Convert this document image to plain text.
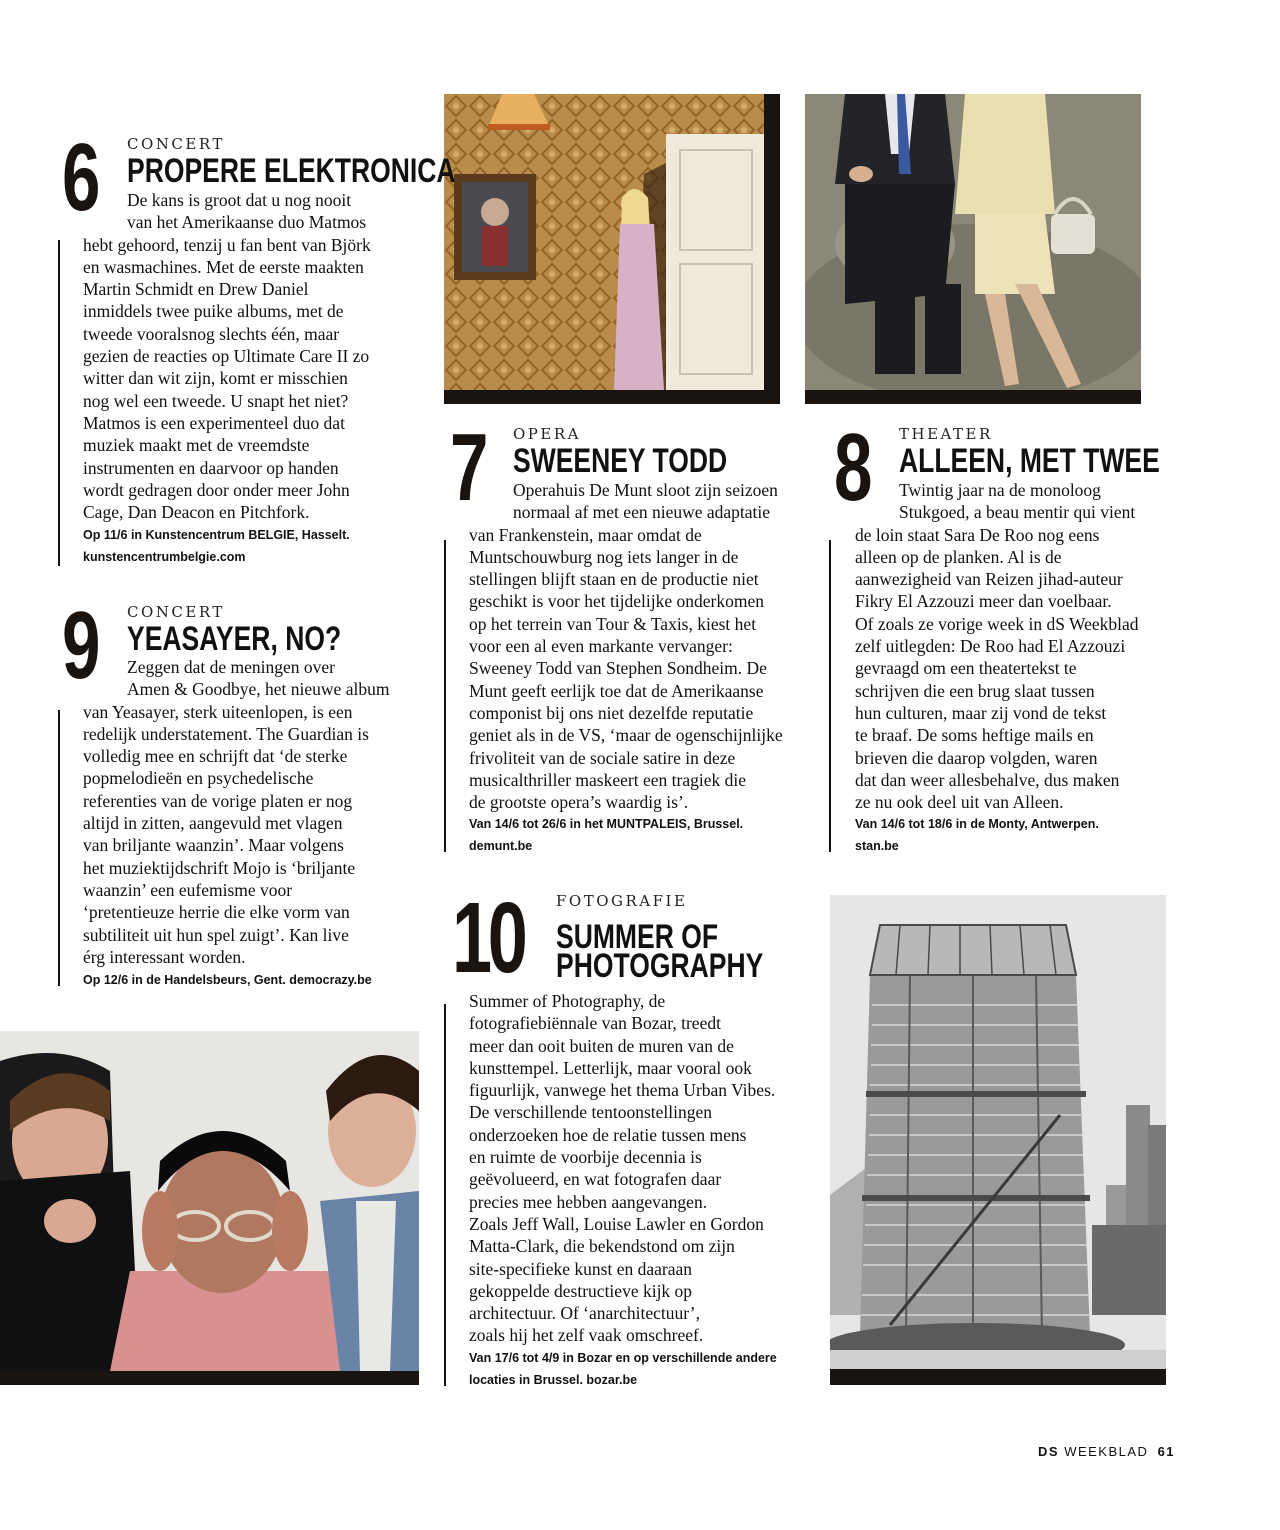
6 CONCERT
PROPERE ELEKTRONICA
De kans is groot dat u nog nooit
van het Amerikaanse duo Matmos
hebt gehoord, tenzij u fan bent van Björk
en wasmachines. Met de eerste maakten
Martin Schmidt en Drew Daniel
inmiddels twee puike albums, met de
tweede vooralsnog slechts één, maar
gezien de reacties op Ultimate Care II zo
witter dan wit zijn, komt er misschien
nog wel een tweede. U snapt het niet?
Matmos is een experimenteel duo dat
muziek maakt met de vreemdste
instrumenten en daarvoor op handen
wordt gedragen door onder meer John
Cage, Dan Deacon en Pitchfork.
Op 11/6 in Kunstencentrum BELGIE, Hasselt.
kunstencentrumbelgie.com
9 CONCERT
YEASAYER, NO?
Zeggen dat de meningen over
Amen & Goodbye, het nieuwe album
van Yeasayer, sterk uiteenlopen, is een
redelijk understatement. The Guardian is
volledig mee en schrijft dat ‘de sterke
popmelodieën en psychedelische
referenties van de vorige platen er nog
altijd in zitten, aangevuld met vlagen
van briljante waanzin’. Maar volgens
het muziektijdschrift Mojo is ‘briljante
waanzin’ een eufemisme voor
‘pretentieuze herrie die elke vorm van
subtiliteit uit hun spel zuigt’. Kan live
érg interessant worden.
Op 12/6 in de Handelsbeurs, Gent. democrazy.be
7 OPERA
SWEENEY TODD
Operahuis De Munt sloot zijn seizoen
normaal af met een nieuwe adaptatie
van Frankenstein, maar omdat de
Muntschouwburg nog iets langer in de
stellingen blijft staan en de productie niet
geschikt is voor het tijdelijke onderkomen
op het terrein van Tour & Taxis, kiest het
voor een al even markante vervanger:
Sweeney Todd van Stephen Sondheim. De
Munt geeft eerlijk toe dat de Amerikaanse
componist bij ons niet dezelfde reputatie
geniet als in de VS, ‘maar de ogenschijnlijke
frivoliteit van de sociale satire in deze
musicalthriller maskeert een tragiek die
de grootste opera’s waardig is’.
Van 14/6 tot 26/6 in het MUNTPALEIS, Brussel.
demunt.be
8 THEATER
ALLEEN, MET TWEE
Twintig jaar na de monoloog
Stukgoed, a beau mentir qui vient
de loin staat Sara De Roo nog eens
alleen op de planken. Al is de
aanwezigheid van Reizen jihad-auteur
Fikry El Azzouzi meer dan voelbaar.
Of zoals ze vorige week in dS Weekblad
zelf uitlegden: De Roo had El Azzouzi
gevraagd om een theatertekst te
schrijven die een brug slaat tussen
hun culturen, maar zij vond de tekst
te braaf. De soms heftige mails en
brieven die daarop volgden, waren
dat dan weer allesbehalve, dus maken
ze nu ook deel uit van Alleen.
Van 14/6 tot 18/6 in de Monty, Antwerpen.
stan.be
10 FOTOGRAFIE
SUMMER OF
PHOTOGRAPHY
Summer of Photography, de
fotografiebiënnale van Bozar, treedt
meer dan ooit buiten de muren van de
kunsttempel. Letterlijk, maar vooral ook
figuurlijk, vanwege het thema Urban Vibes.
De verschillende tentoonstellingen
onderzoeken hoe de relatie tussen mens
en ruimte de voorbije decennia is
geëvolueerd, en wat fotografen daar
precies mee hebben aangevangen.
Zoals Jeff Wall, Louise Lawler en Gordon
Matta-Clark, die bekendstond om zijn
site-specifieke kunst en daaraan
gekoppelde destructieve kijk op
architectuur. Of ‘anarchitectuur’,
zoals hij het zelf vaak omschreef.
Van 17/6 tot 4/9 in Bozar en op verschillende andere
locaties in Brussel. bozar.be
DS WEEKBLAD 61
